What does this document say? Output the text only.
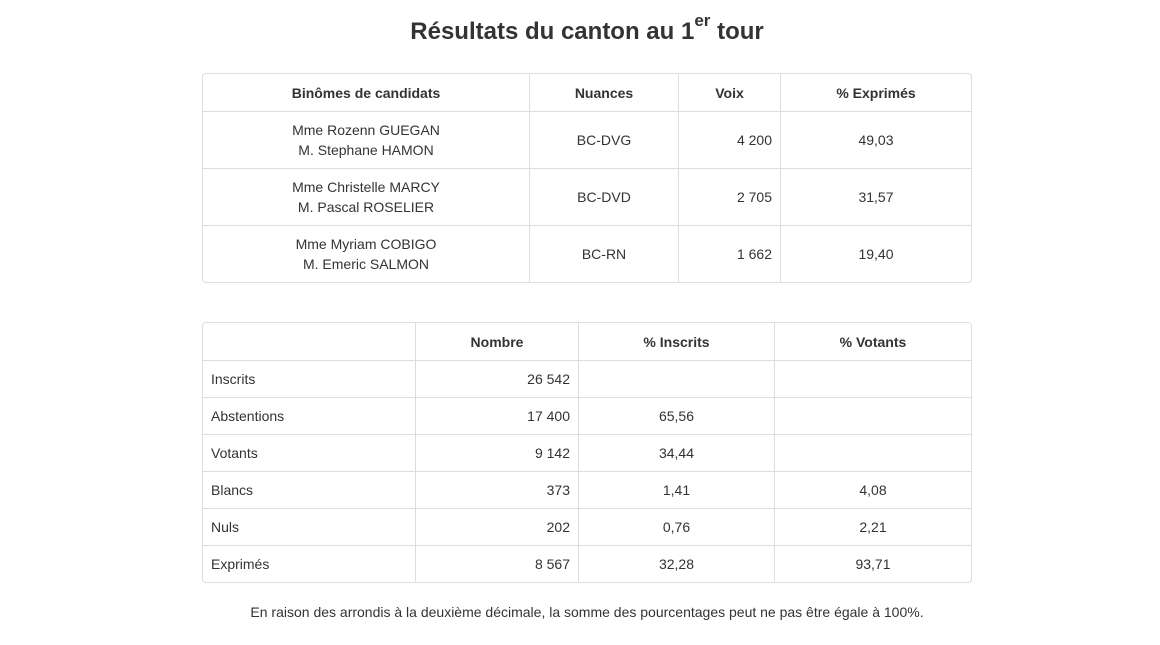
Résultats du canton au 1er tour
Binômes de candidats	Nuances	Voix	% Exprimés

Mme Rozenn GUEGAN
M. Stephane HAMON	BC-DVG	4 200	49,03

Mme Christelle MARCY
M. Pascal ROSELIER	BC-DVD	2 705	31,57

Mme Myriam COBIGO
M. Emeric SALMON	BC-RN	1 662	19,40
	Nombre	% Inscrits	% Votants
Inscrits	26 542		
Abstentions	17 400	65,56	
Votants	9 142	34,44	
Blancs	373	1,41	4,08
Nuls	202	0,76	2,21
Exprimés	8 567	32,28	93,71

En raison des arrondis à la deuxième décimale, la somme des pourcentages peut ne pas être égale à 100%.
